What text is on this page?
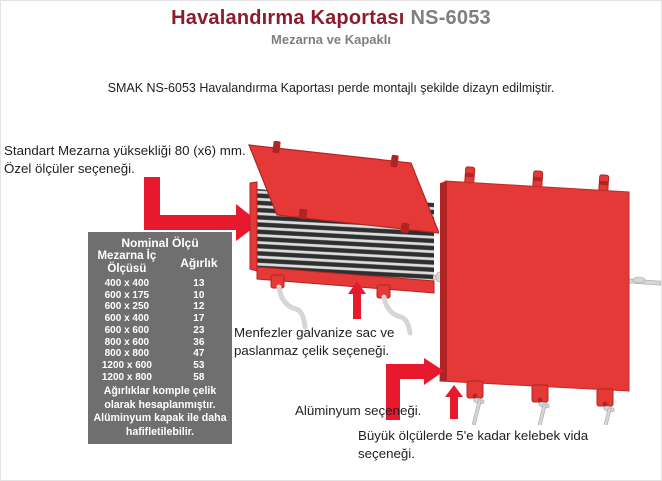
Havalandırma Kaportası NS-6053
Mezarna ve Kapaklı
SMAK NS-6053 Havalandırma Kaportası perde montajlı şekilde dizayn edilmiştir.
Standart Mezarna yüksekliği 80 (x6) mm. Özel ölçüler seçeneği.
Nominal Ölçü
Mezarna İç Ölçüsü	Ağırlık
400 x 400	13
600 x 175	10
600 x 250	12
600 x 400	17
600 x 600	23
800 x 600	36
800 x 800	47
1200 x 600	53
1200 x 800	58
Ağırlıklar komple çelik olarak hesaplanmıştır. Alüminyum kapak ile daha hafifletilebilir.
Menfezler galvanize sac ve paslanmaz çelik seçeneği.
Alüminyum seçeneği.
Büyük ölçülerde 5'e kadar kelebek vida seçeneği.
